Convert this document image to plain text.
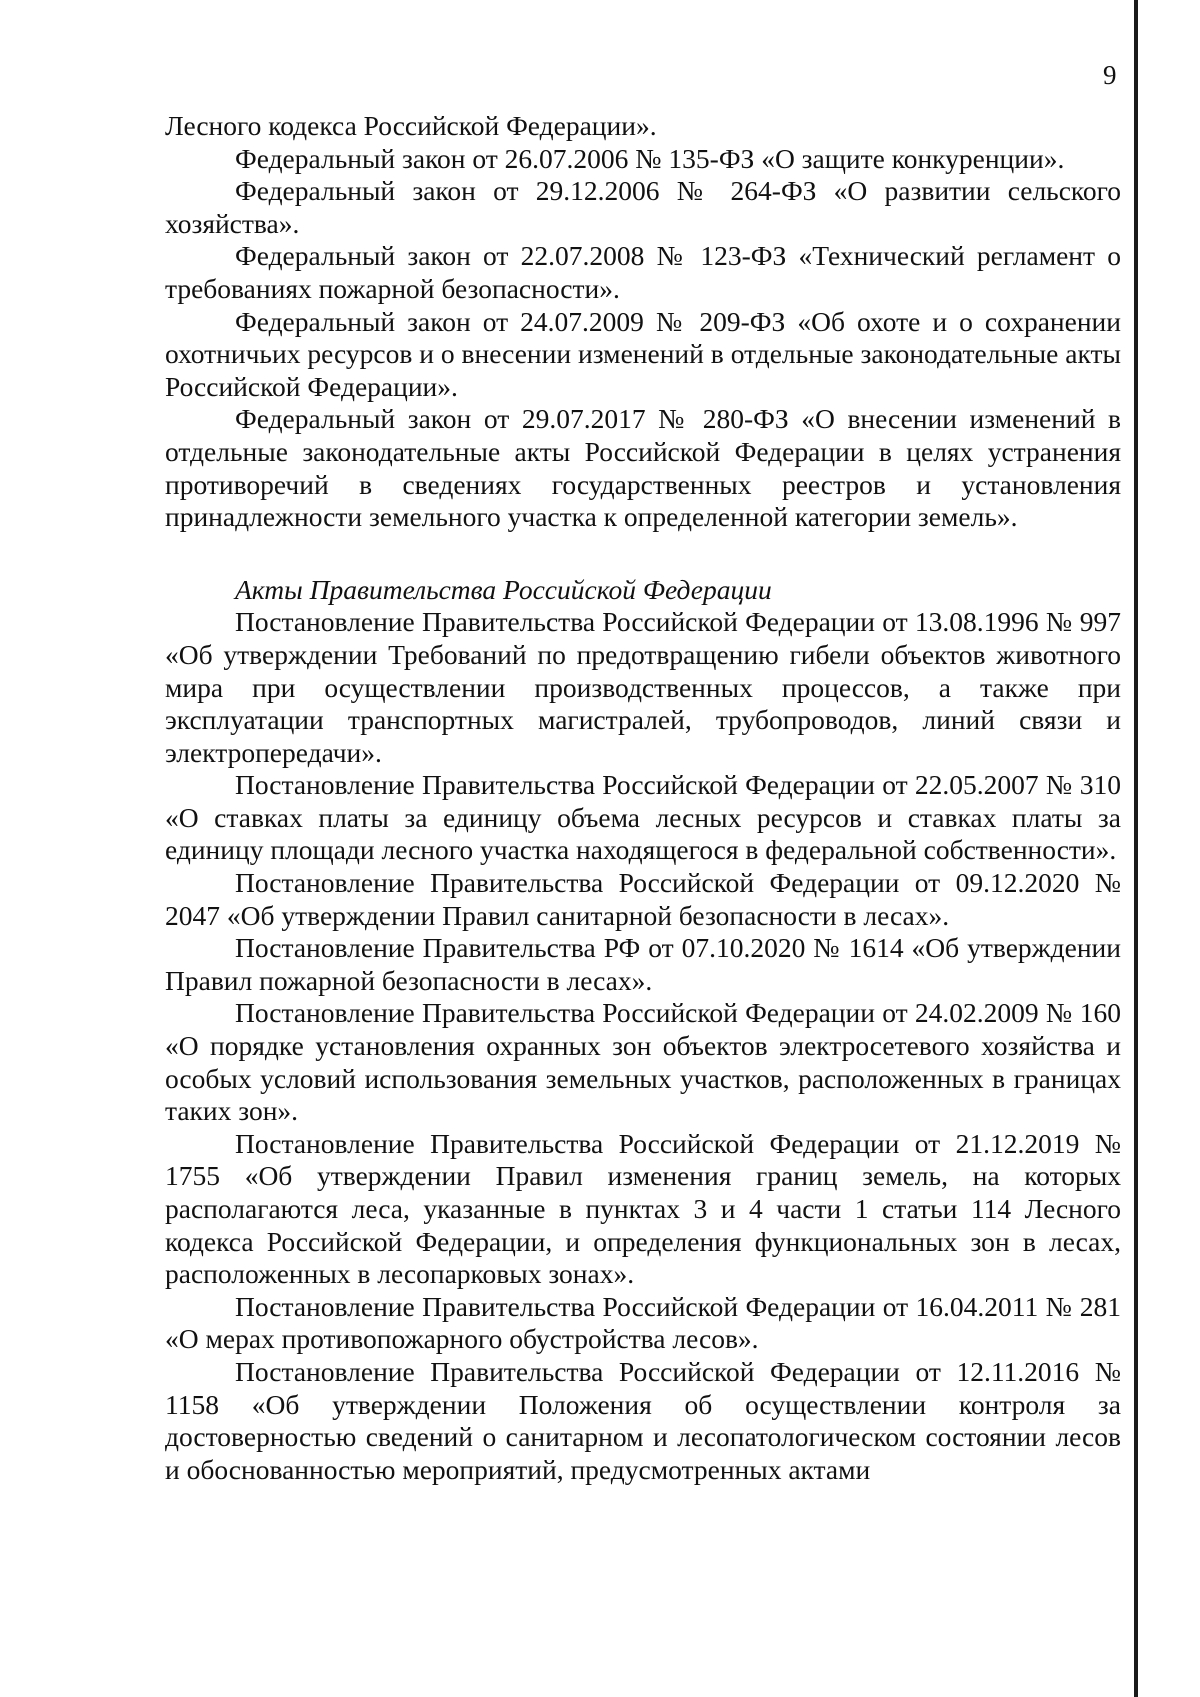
9

Лесного кодекса Российской Федерации».

Федеральный закон от 26.07.2006 № 135-ФЗ «О защите конкуренции».

Федеральный закон от 29.12.2006 № 264-ФЗ «О развитии сельского хозяйства».

Федеральный закон от 22.07.2008 № 123-ФЗ «Технический регламент о требованиях пожарной безопасности».

Федеральный закон от 24.07.2009 № 209-ФЗ «Об охоте и о сохранении охотничьих ресурсов и о внесении изменений в отдельные законодательные акты Российской Федерации».

Федеральный закон от 29.07.2017 № 280-ФЗ «О внесении изменений в отдельные законодательные акты Российской Федерации в целях устранения противоречий в сведениях государственных реестров и установления принадлежности земельного участка к определенной категории земель».

Акты Правительства Российской Федерации

Постановление Правительства Российской Федерации от 13.08.1996 № 997 «Об утверждении Требований по предотвращению гибели объектов животного мира при осуществлении производственных процессов, а также при эксплуатации транспортных магистралей, трубопроводов, линий связи и электропередачи».

Постановление Правительства Российской Федерации от 22.05.2007 № 310 «О ставках платы за единицу объема лесных ресурсов и ставках платы за единицу площади лесного участка находящегося в федеральной собственности».

Постановление Правительства Российской Федерации от 09.12.2020 № 2047 «Об утверждении Правил санитарной безопасности в лесах».

Постановление Правительства РФ от 07.10.2020 № 1614 «Об утверждении Правил пожарной безопасности в лесах».

Постановление Правительства Российской Федерации от 24.02.2009 № 160 «О порядке установления охранных зон объектов электросетевого хозяйства и особых условий использования земельных участков, расположенных в границах таких зон».

Постановление Правительства Российской Федерации от 21.12.2019 № 1755 «Об утверждении Правил изменения границ земель, на которых располагаются леса, указанные в пунктах 3 и 4 части 1 статьи 114 Лесного кодекса Российской Федерации, и определения функциональных зон в лесах, расположенных в лесопарковых зонах».

Постановление Правительства Российской Федерации от 16.04.2011 № 281 «О мерах противопожарного обустройства лесов».

Постановление Правительства Российской Федерации от 12.11.2016 № 1158 «Об утверждении Положения об осуществлении контроля за достоверностью сведений о санитарном и лесопатологическом состоянии лесов и обоснованностью мероприятий, предусмотренных актами
